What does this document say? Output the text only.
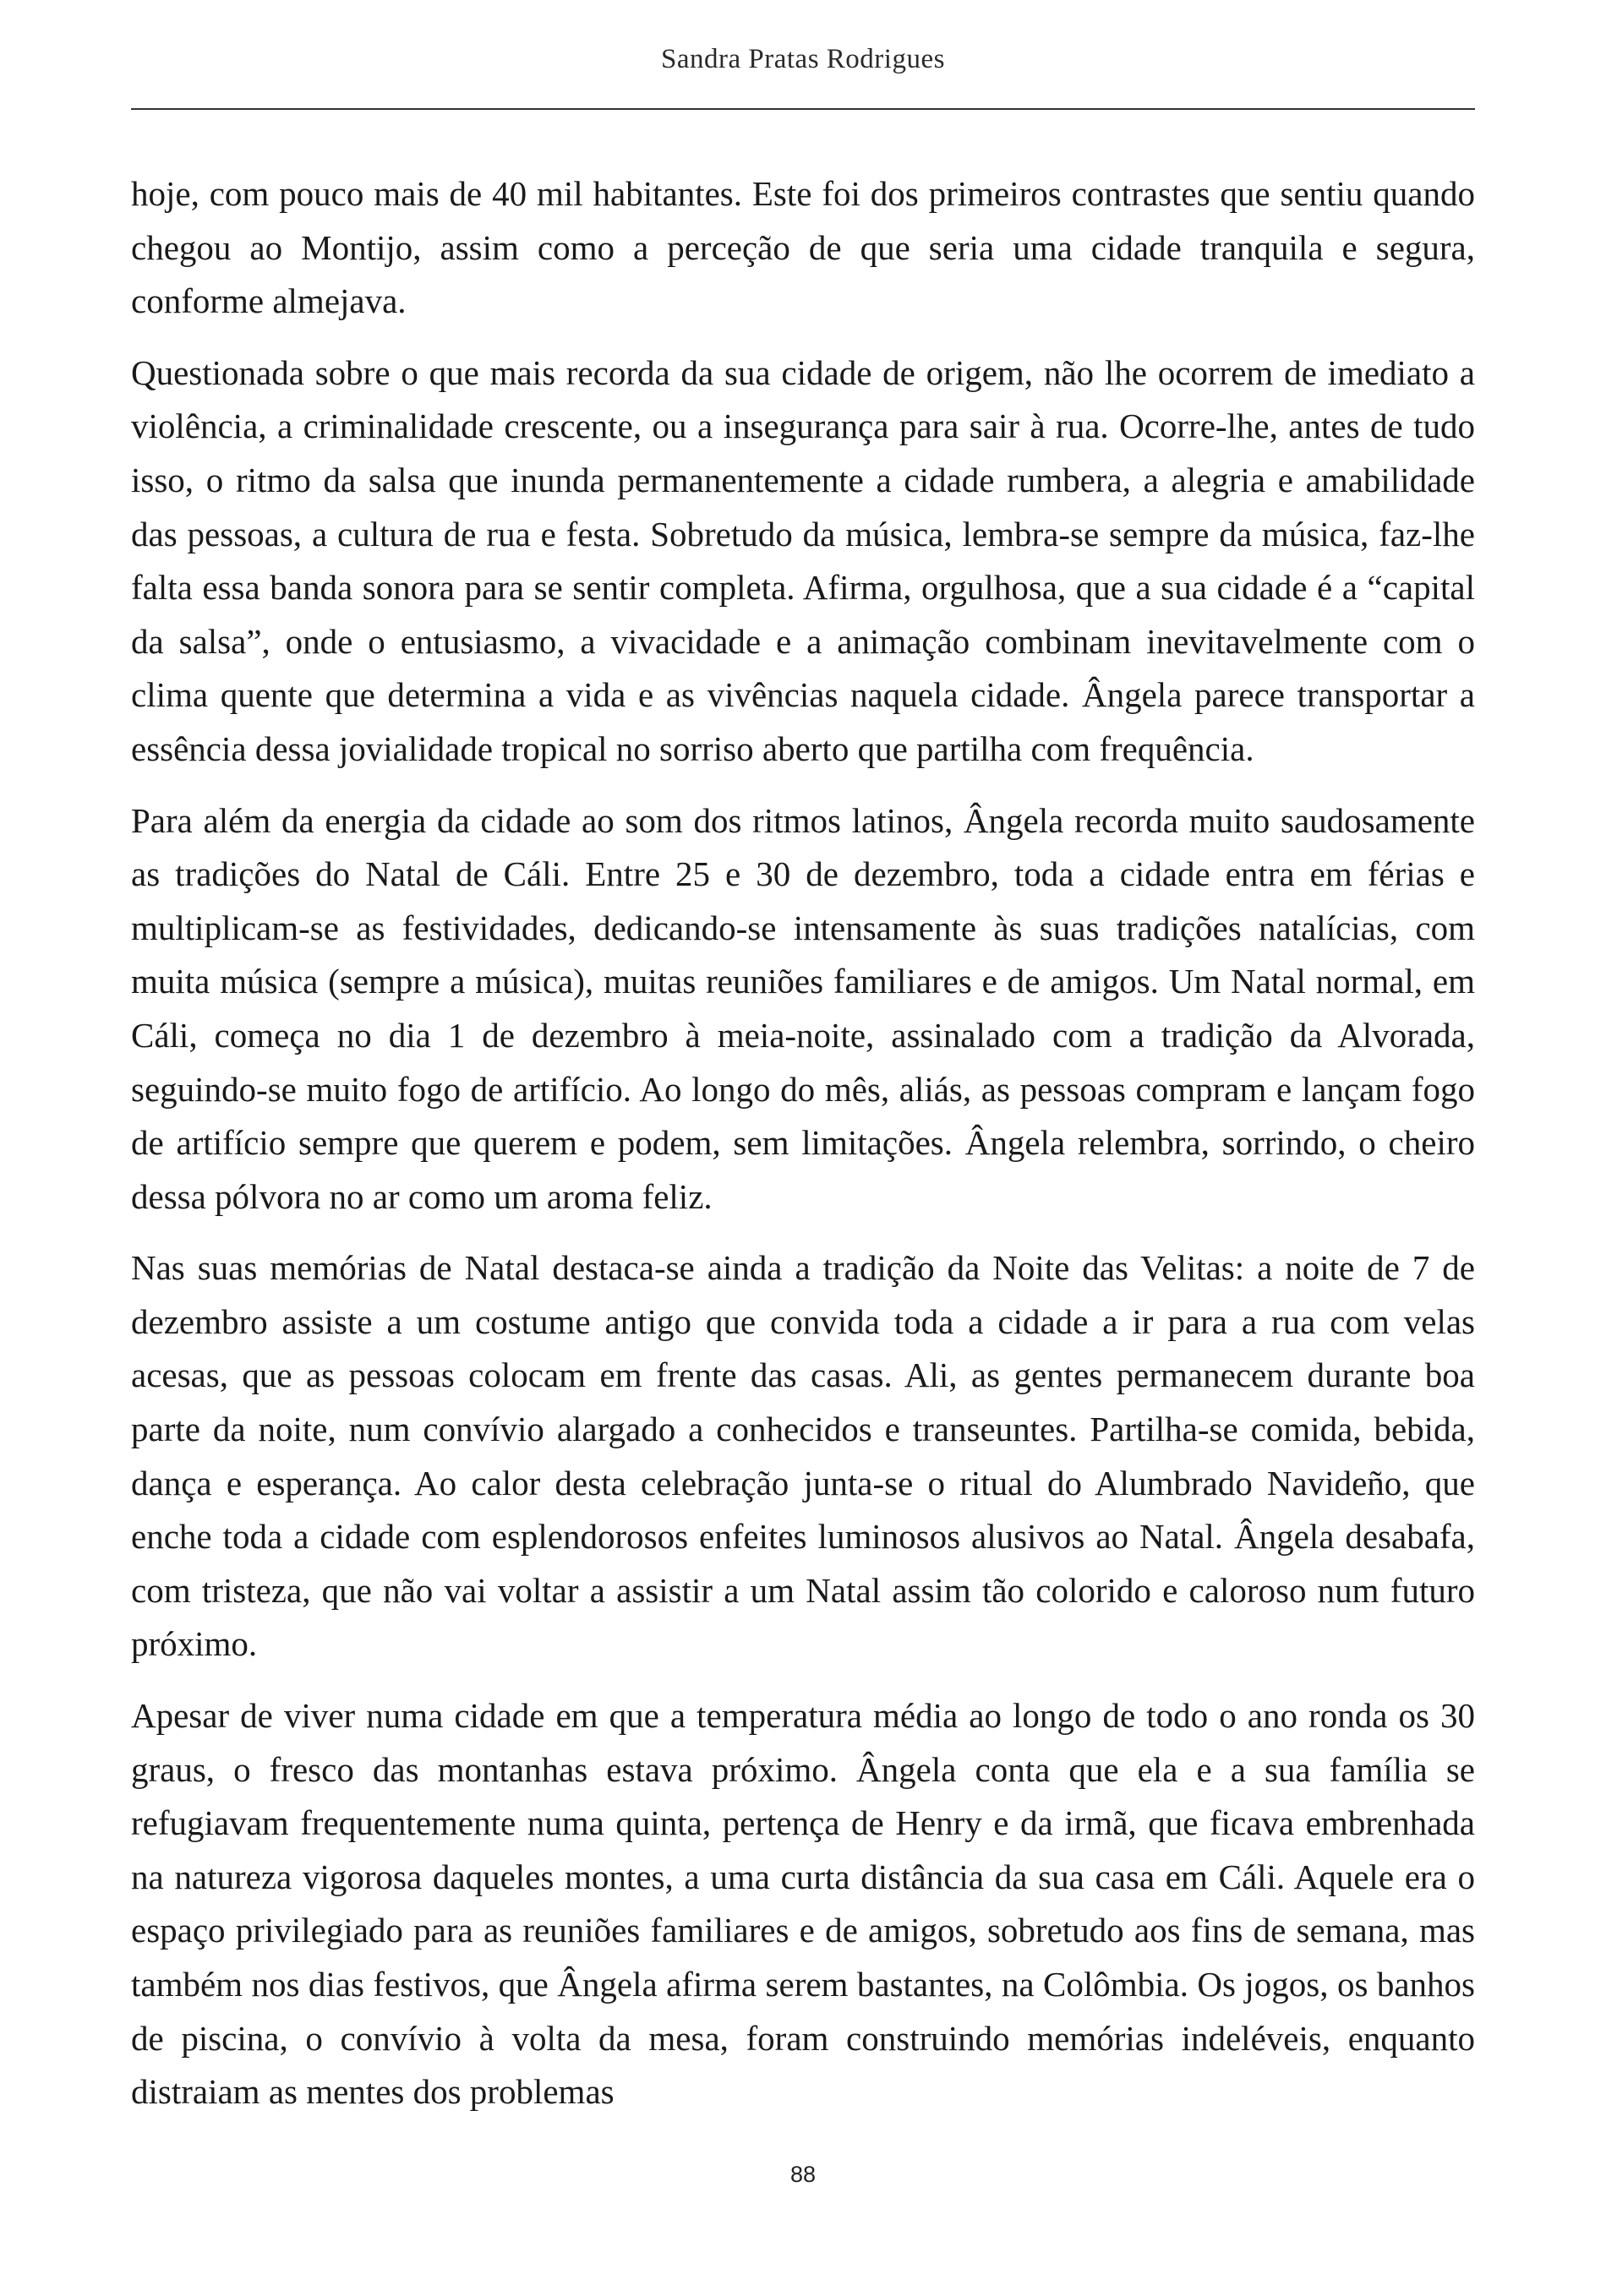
Sandra Pratas Rodrigues

hoje, com pouco mais de 40 mil habitantes. Este foi dos primeiros contrastes que sentiu quando chegou ao Montijo, assim como a perceção de que seria uma cidade tranquila e segura, conforme almejava.

Questionada sobre o que mais recorda da sua cidade de origem, não lhe ocorrem de imediato a violência, a criminalidade crescente, ou a insegurança para sair à rua. Ocorre-lhe, antes de tudo isso, o ritmo da salsa que inunda permanentemente a cidade rumbera, a alegria e amabilidade das pessoas, a cultura de rua e festa. Sobretudo da música, lembra-se sempre da música, faz-lhe falta essa banda sonora para se sentir completa. Afirma, orgulhosa, que a sua cidade é a “capital da salsa”, onde o entusiasmo, a vivacidade e a animação combinam inevitavelmente com o clima quente que determina a vida e as vivências naquela cidade. Ângela parece transportar a essência dessa jovialidade tropical no sorriso aberto que partilha com frequência.

Para além da energia da cidade ao som dos ritmos latinos, Ângela recorda muito saudosamente as tradições do Natal de Cáli. Entre 25 e 30 de dezembro, toda a cidade entra em férias e multiplicam-se as festividades, dedicando-se intensamente às suas tradições natalícias, com muita música (sempre a música), muitas reuniões familiares e de amigos. Um Natal normal, em Cáli, começa no dia 1 de dezembro à meia-noite, assinalado com a tradição da Alvorada, seguindo-se muito fogo de artifício. Ao longo do mês, aliás, as pessoas compram e lançam fogo de artifício sempre que querem e podem, sem limitações. Ângela relembra, sorrindo, o cheiro dessa pólvora no ar como um aroma feliz.

Nas suas memórias de Natal destaca-se ainda a tradição da Noite das Velitas: a noite de 7 de dezembro assiste a um costume antigo que convida toda a cidade a ir para a rua com velas acesas, que as pessoas colocam em frente das casas. Ali, as gentes permanecem durante boa parte da noite, num convívio alargado a conhecidos e transeuntes. Partilha-se comida, bebida, dança e esperança. Ao calor desta celebração junta-se o ritual do Alumbrado Navideño, que enche toda a cidade com esplendorosos enfeites luminosos alusivos ao Natal. Ângela desabafa, com tristeza, que não vai voltar a assistir a um Natal assim tão colorido e caloroso num futuro próximo.

Apesar de viver numa cidade em que a temperatura média ao longo de todo o ano ronda os 30 graus, o fresco das montanhas estava próximo. Ângela conta que ela e a sua família se refugiavam frequentemente numa quinta, pertença de Henry e da irmã, que ficava embrenhada na natureza vigorosa daqueles montes, a uma curta distância da sua casa em Cáli. Aquele era o espaço privilegiado para as reuniões familiares e de amigos, sobretudo aos fins de semana, mas também nos dias festivos, que Ângela afirma serem bastantes, na Colômbia. Os jogos, os banhos de piscina, o convívio à volta da mesa, foram construindo memórias indeléveis, enquanto distraiam as mentes dos problemas

88
